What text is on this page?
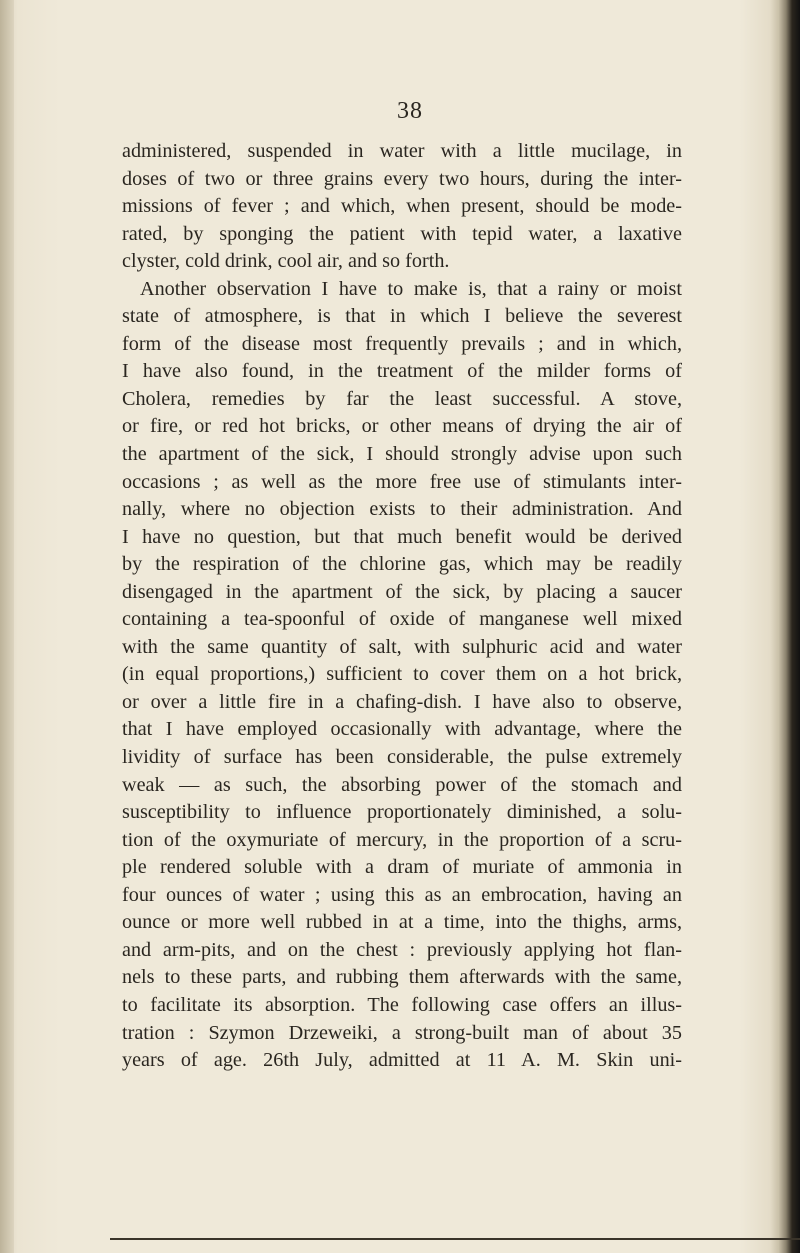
38
administered, suspended in water with a little mucilage, in
doses of two or three grains every two hours, during the inter-
missions of fever ; and which, when present, should be mode-
rated, by sponging the patient with tepid water, a laxative
clyster, cold drink, cool air, and so forth.
Another observation I have to make is, that a rainy or moist
state of atmosphere, is that in which I believe the severest
form of the disease most frequently prevails ; and in which,
I have also found, in the treatment of the milder forms of
Cholera, remedies by far the least successful. A stove,
or fire, or red hot bricks, or other means of drying the air of
the apartment of the sick, I should strongly advise upon such
occasions ; as well as the more free use of stimulants inter-
nally, where no objection exists to their administration. And
I have no question, but that much benefit would be derived
by the respiration of the chlorine gas, which may be readily
disengaged in the apartment of the sick, by placing a saucer
containing a tea-spoonful of oxide of manganese well mixed
with the same quantity of salt, with sulphuric acid and water
(in equal proportions,) sufficient to cover them on a hot brick,
or over a little fire in a chafing-dish. I have also to observe,
that I have employed occasionally with advantage, where the
lividity of surface has been considerable, the pulse extremely
weak — as such, the absorbing power of the stomach and
susceptibility to influence proportionately diminished, a solu-
tion of the oxymuriate of mercury, in the proportion of a scru-
ple rendered soluble with a dram of muriate of ammonia in
four ounces of water ; using this as an embrocation, having an
ounce or more well rubbed in at a time, into the thighs, arms,
and arm-pits, and on the chest : previously applying hot flan-
nels to these parts, and rubbing them afterwards with the same,
to facilitate its absorption. The following case offers an illus-
tration : Szymon Drzeweiki, a strong-built man of about 35
years of age. 26th July, admitted at 11 A. M. Skin uni-
